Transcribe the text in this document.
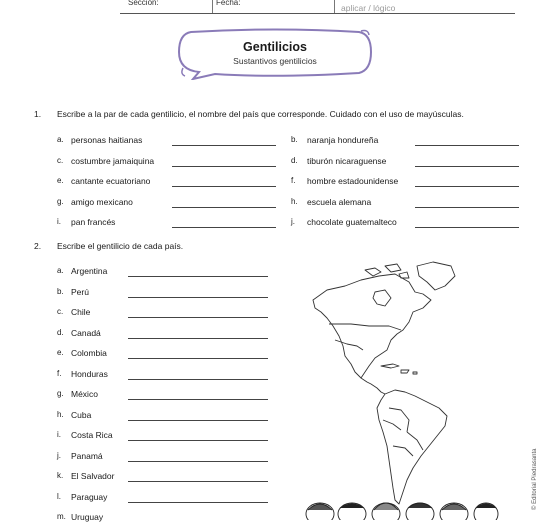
Sección:	Fecha:
aplicar / lógico
Gentilicios
Sustantivos gentilicios
1. Escribe a la par de cada gentilicio, el nombre del país que corresponde. Cuidado con el uso de mayúsculas.
a. personas haitianas
c. costumbre jamaiquina
e. cantante ecuatoriano
g. amigo mexicano
i. pan francés
b. naranja hondureña
d. tiburón nicaraguense
f. hombre estadounidense
h. escuela alemana
j. chocolate guatemalteco
2. Escribe el gentilicio de cada país.
a. Argentina
b. Perú
c. Chile
d. Canadá
e. Colombia
f. Honduras
g. México
h. Cuba
i. Costa Rica
j. Panamá
k. El Salvador
l. Paraguay
m. Uruguay
© Editorial Piedrasanta
